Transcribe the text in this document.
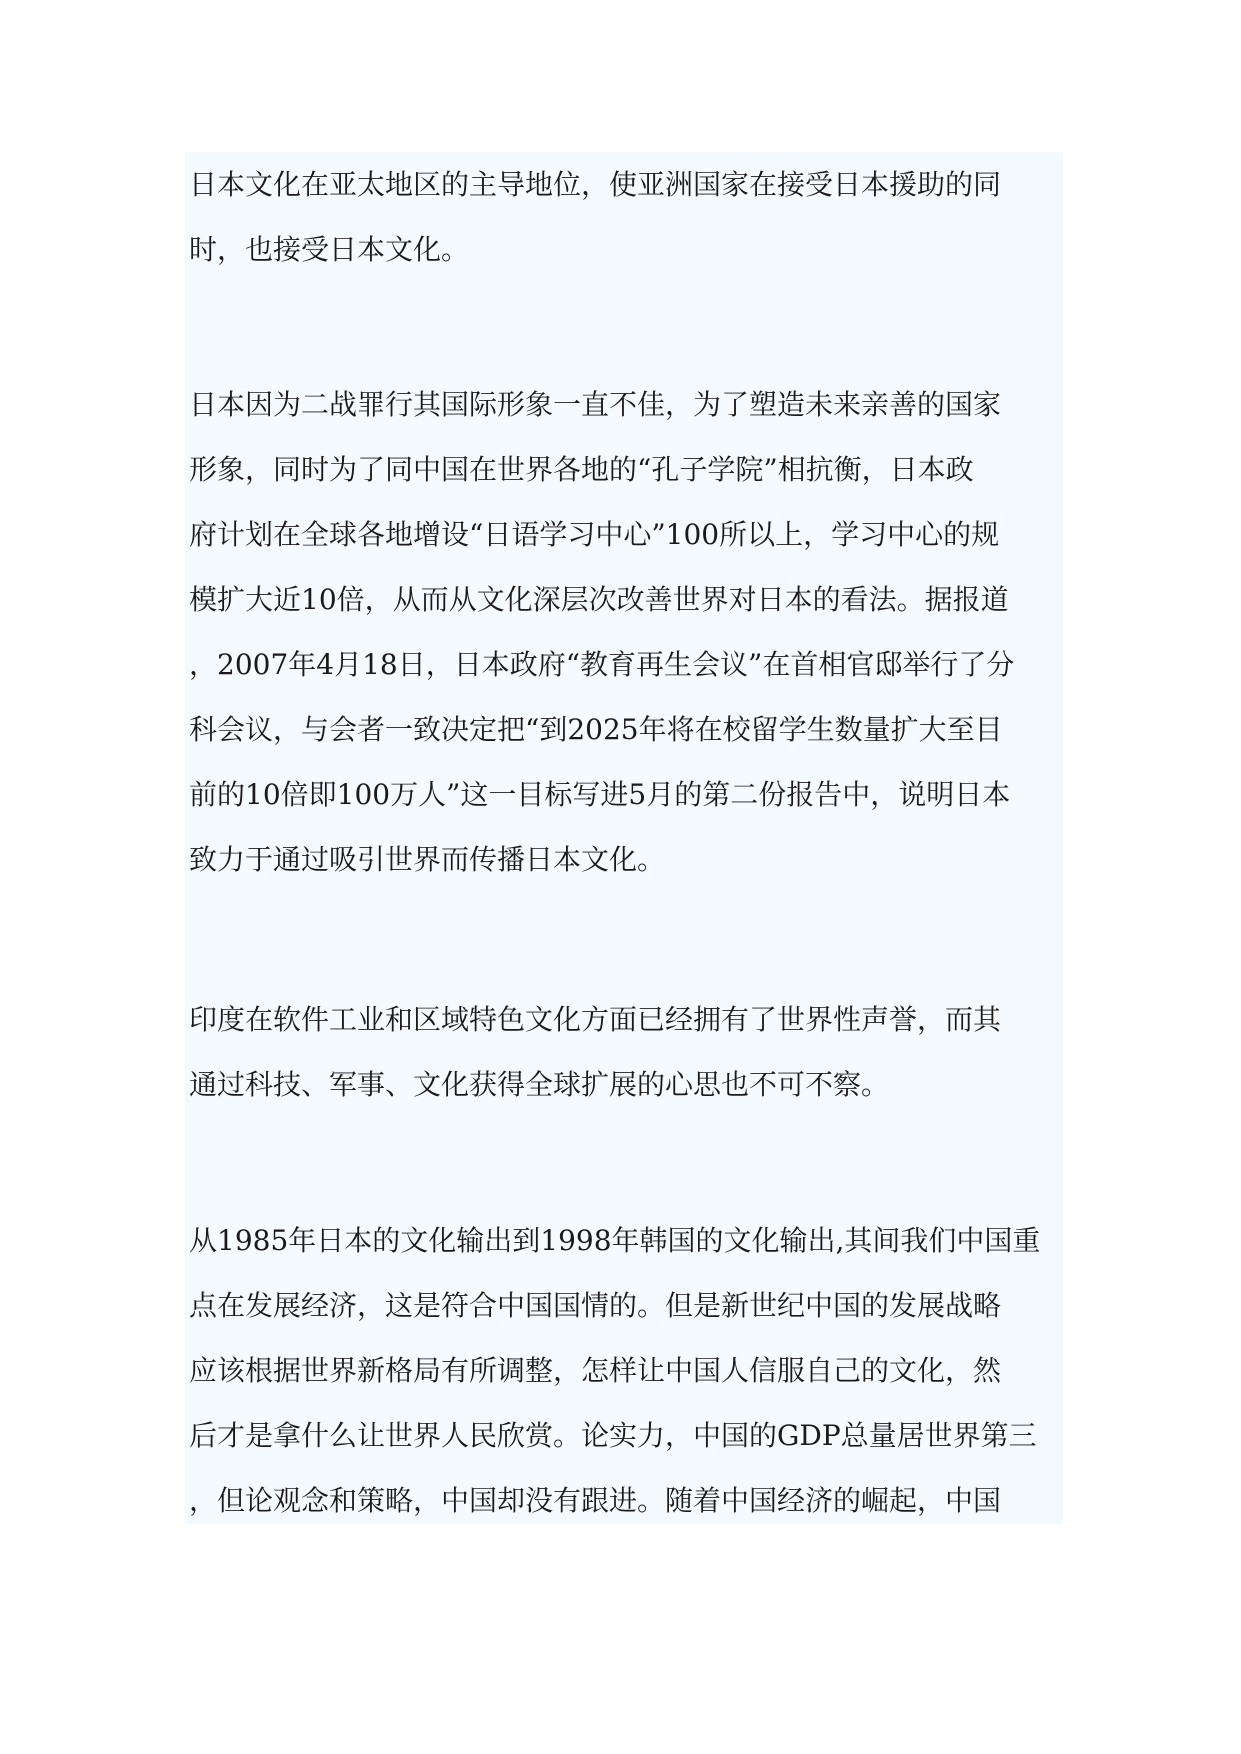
日本文化在亚太地区的主导地位，使亚洲国家在接受日本援助的同
时，也接受日本文化。

日本因为二战罪行其国际形象一直不佳，为了塑造未来亲善的国家
形象，同时为了同中国在世界各地的“孔子学院”相抗衡，日本政
府计划在全球各地增设“日语学习中心”100所以上，学习中心的规
模扩大近10倍，从而从文化深层次改善世界对日本的看法。据报道
，2007年4月18日，日本政府“教育再生会议”在首相官邸举行了分
科会议，与会者一致决定把“到2025年将在校留学生数量扩大至目
前的10倍即100万人”这一目标写进5月的第二份报告中，说明日本
致力于通过吸引世界而传播日本文化。

印度在软件工业和区域特色文化方面已经拥有了世界性声誉，而其
通过科技、军事、文化获得全球扩展的心思也不可不察。

从1985年日本的文化输出到1998年韩国的文化输出,其间我们中国重
点在发展经济，这是符合中国国情的。但是新世纪中国的发展战略
应该根据世界新格局有所调整，怎样让中国人信服自己的文化，然
后才是拿什么让世界人民欣赏。论实力，中国的GDP总量居世界第三
，但论观念和策略，中国却没有跟进。随着中国经济的崛起，中国
